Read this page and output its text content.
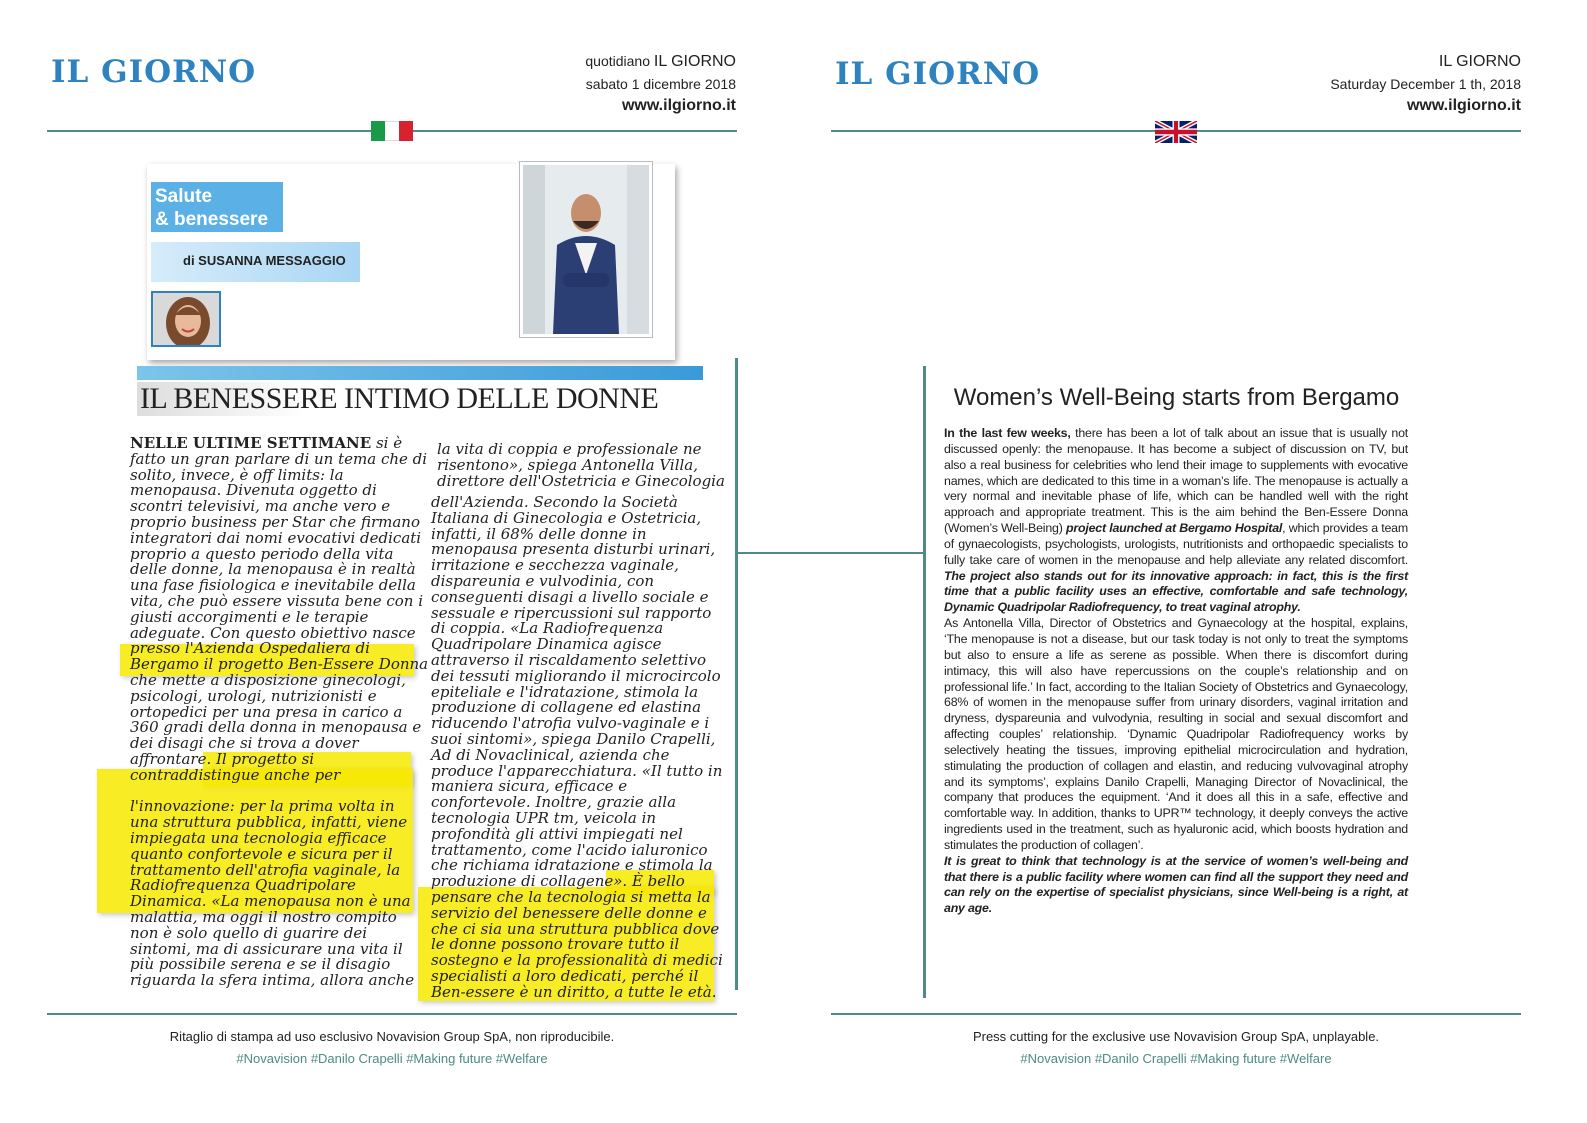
IL GIORNO	quotidiano IL GIORNO
sabato 1 dicembre 2018
www.ilgiorno.it
Salute
& benessere
di SUSANNA MESSAGGIO
IL BENESSERE INTIMO DELLE DONNE
NELLE ULTIME SETTIMANE si è
fatto un gran parlare di un tema che di
solito, invece, è off limits: la
menopausa. Divenuta oggetto di
scontri televisivi, ma anche vero e
proprio business per Star che firmano
integratori dai nomi evocativi dedicati
proprio a questo periodo della vita
delle donne, la menopausa è in realtà
una fase fisiologica e inevitabile della
vita, che può essere vissuta bene con i
giusti accorgimenti e le terapie
adeguate. Con questo obiettivo nasce
presso l'Azienda Ospedaliera di
Bergamo il progetto Ben-Essere Donna
che mette a disposizione ginecologi,
psicologi, urologi, nutrizionisti e
ortopedici per una presa in carico a
360 gradi della donna in menopausa e
dei disagi che si trova a dover
affrontare. Il progetto si
contraddistingue anche per

l'innovazione: per la prima volta in
una struttura pubblica, infatti, viene
impiegata una tecnologia efficace
quanto confortevole e sicura per il
trattamento dell'atrofia vaginale, la
Radiofrequenza Quadripolare
Dinamica. «La menopausa non è una
malattia, ma oggi il nostro compito
non è solo quello di guarire dei
sintomi, ma di assicurare una vita il
più possibile serena e se il disagio
riguarda la sfera intima, allora anche
la vita di coppia e professionale ne
risentono», spiega Antonella Villa,
direttore dell'Ostetricia e Ginecologia
dell'Azienda. Secondo la Società
Italiana di Ginecologia e Ostetricia,
infatti, il 68% delle donne in
menopausa presenta disturbi urinari,
irritazione e secchezza vaginale,
dispareunia e vulvodinia, con
conseguenti disagi a livello sociale e
sessuale e ripercussioni sul rapporto
di coppia. «La Radiofrequenza
Quadripolare Dinamica agisce
attraverso il riscaldamento selettivo
dei tessuti migliorando il microcircolo
epiteliale e l'idratazione, stimola la
produzione di collagene ed elastina
riducendo l'atrofia vulvo-vaginale e i
suoi sintomi», spiega Danilo Crapelli,
Ad di Novaclinical, azienda che
produce l'apparecchiatura. «Il tutto in
maniera sicura, efficace e
confortevole. Inoltre, grazie alla
tecnologia UPR tm, veicola in
profondità gli attivi impiegati nel
trattamento, come l'acido ialuronico
che richiama idratazione e stimola la
produzione di collagene». È bello
pensare che la tecnologia si metta la
servizio del benessere delle donne e
che ci sia una struttura pubblica dove
le donne possono trovare tutto il
sostegno e la professionalità di medici
specialisti a loro dedicati, perché il
Ben-essere è un diritto, a tutte le età.
Ritaglio di stampa ad uso esclusivo Novavision Group SpA, non riproducibile.
#Novavision #Danilo Crapelli #Making future #Welfare
IL GIORNO	IL GIORNO
Saturday December 1 th, 2018
www.ilgiorno.it
Women’s Well-Being starts from Bergamo

In the last few weeks, there has been a lot of talk about an issue that is usually not discussed openly: the menopause. It has become a subject of discussion on TV, but also a real business for celebrities who lend their image to supplements with evocative names, which are dedicated to this time in a woman’s life. The menopause is actually a very normal and inevitable phase of life, which can be handled well with the right approach and appropriate treatment. This is the aim behind the Ben-Essere Donna (Women’s Well-Being) project launched at Bergamo Hospital, which provides a team of gynaecologists, psychologists, urologists, nutritionists and orthopaedic specialists to fully take care of women in the menopause and help alleviate any related discomfort. The project also stands out for its innovative approach: in fact, this is the first time that a public facility uses an effective, comfortable and safe technology, Dynamic Quadripolar Radiofrequency, to treat vaginal atrophy.

As Antonella Villa, Director of Obstetrics and Gynaecology at the hospital, explains, ‘The menopause is not a disease, but our task today is not only to treat the symptoms but also to ensure a life as serene as possible. When there is discomfort during intimacy, this will also have repercussions on the couple’s relationship and on professional life.’ In fact, according to the Italian Society of Obstetrics and Gynaecology, 68% of women in the menopause suffer from urinary disorders, vaginal irritation and dryness, dyspareunia and vulvodynia, resulting in social and sexual discomfort and affecting couples’ relationship. ‘Dynamic Quadripolar Radiofrequency works by selectively heating the tissues, improving epithelial microcirculation and hydration, stimulating the production of collagen and elastin, and reducing vulvovaginal atrophy and its symptoms’, explains Danilo Crapelli, Managing Director of Novaclinical, the company that produces the equipment. ‘And it does all this in a safe, effective and comfortable way. In addition, thanks to UPR™ technology, it deeply conveys the active ingredients used in the treatment, such as hyaluronic acid, which boosts hydration and stimulates the production of collagen’.

It is great to think that technology is at the service of women’s well-being and that there is a public facility where women can find all the support they need and can rely on the expertise of specialist physicians, since Well-being is a right, at any age.

Press cutting for the exclusive use Novavision Group SpA, unplayable.
#Novavision #Danilo Crapelli #Making future #Welfare
